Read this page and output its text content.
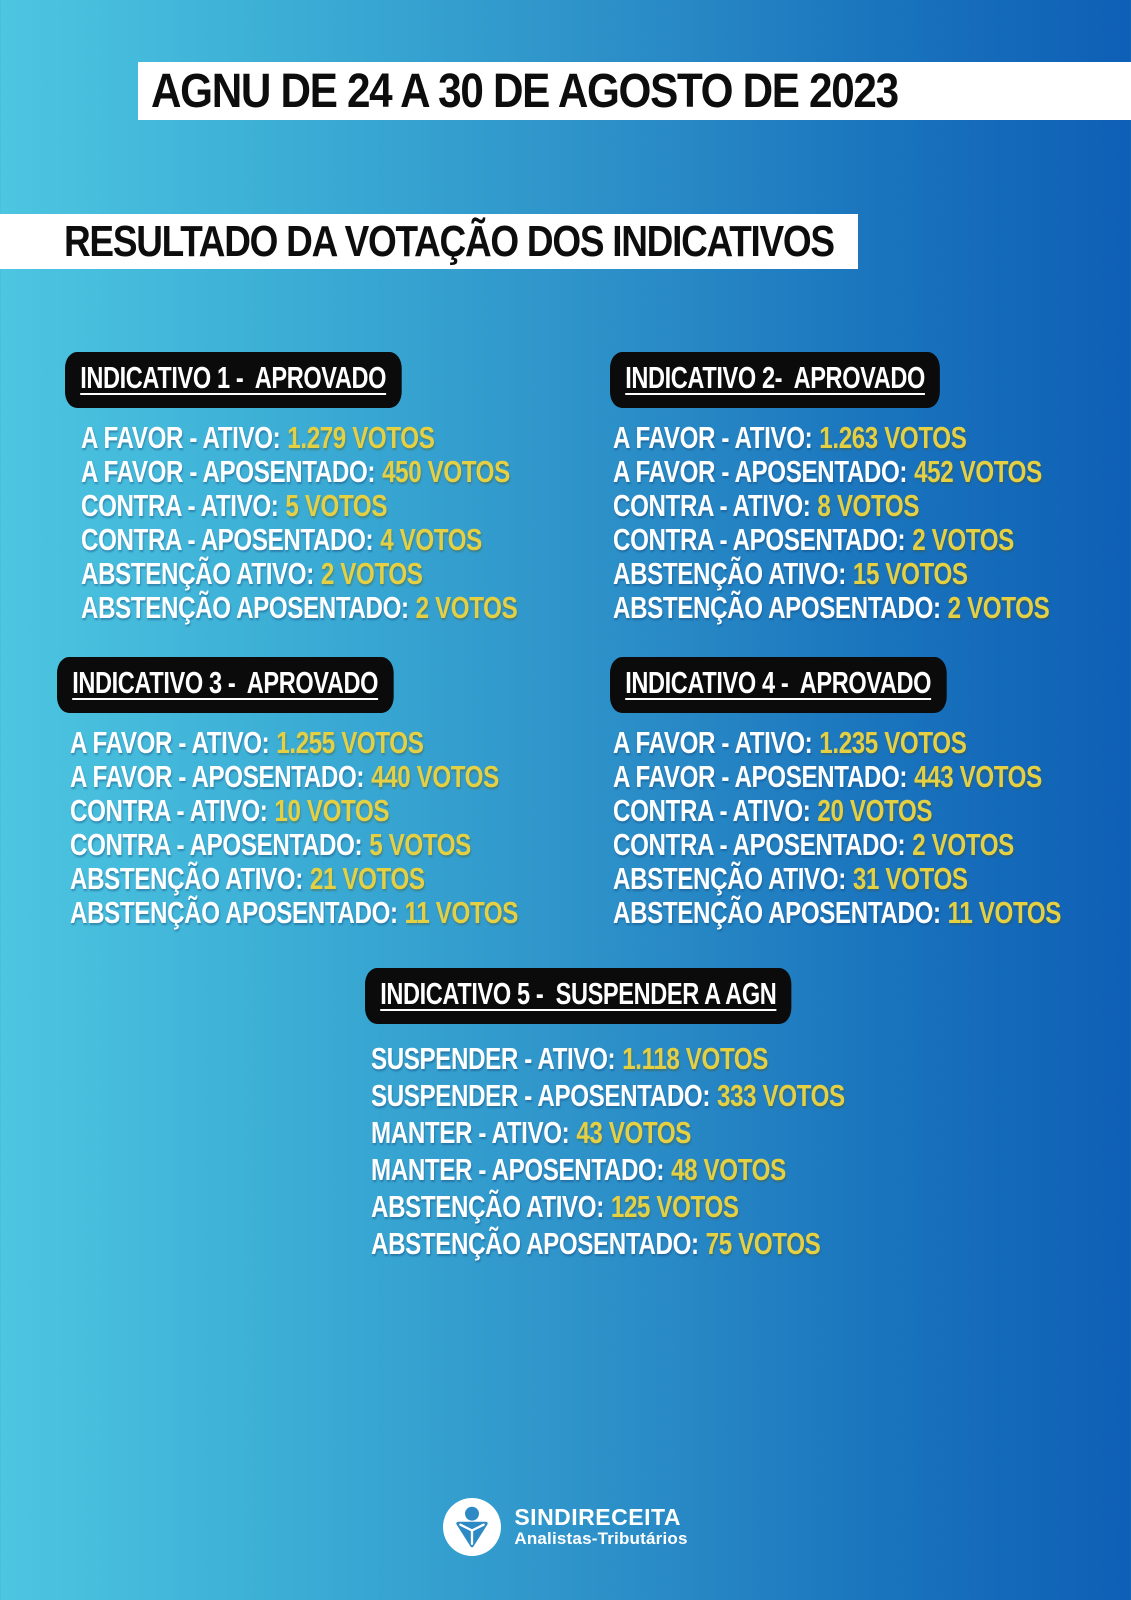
AGNU DE 24 A 30 DE AGOSTO DE 2023
RESULTADO DA VOTAÇÃO DOS INDICATIVOS
INDICATIVO 1 -  APROVADO
A FAVOR - ATIVO: 1.279 VOTOS
A FAVOR - APOSENTADO: 450 VOTOS
CONTRA - ATIVO: 5 VOTOS
CONTRA - APOSENTADO: 4 VOTOS
ABSTENÇÃO ATIVO: 2 VOTOS
ABSTENÇÃO APOSENTADO: 2 VOTOS
INDICATIVO 2-  APROVADO
A FAVOR - ATIVO: 1.263 VOTOS
A FAVOR - APOSENTADO: 452 VOTOS
CONTRA - ATIVO: 8 VOTOS
CONTRA - APOSENTADO: 2 VOTOS
ABSTENÇÃO ATIVO: 15 VOTOS
ABSTENÇÃO APOSENTADO: 2 VOTOS
INDICATIVO 3 -  APROVADO
A FAVOR - ATIVO: 1.255 VOTOS
A FAVOR - APOSENTADO: 440 VOTOS
CONTRA - ATIVO: 10 VOTOS
CONTRA - APOSENTADO: 5 VOTOS
ABSTENÇÃO ATIVO: 21 VOTOS
ABSTENÇÃO APOSENTADO: 11 VOTOS
INDICATIVO 4 -  APROVADO
A FAVOR - ATIVO: 1.235 VOTOS
A FAVOR - APOSENTADO: 443 VOTOS
CONTRA - ATIVO: 20 VOTOS
CONTRA - APOSENTADO: 2 VOTOS
ABSTENÇÃO ATIVO: 31 VOTOS
ABSTENÇÃO APOSENTADO: 11 VOTOS
INDICATIVO 5 -  SUSPENDER A AGN
SUSPENDER - ATIVO: 1.118 VOTOS
SUSPENDER - APOSENTADO: 333 VOTOS
MANTER - ATIVO: 43 VOTOS
MANTER - APOSENTADO: 48 VOTOS
ABSTENÇÃO ATIVO: 125 VOTOS
ABSTENÇÃO APOSENTADO: 75 VOTOS
SINDIRECEITA
Analistas-Tributários
